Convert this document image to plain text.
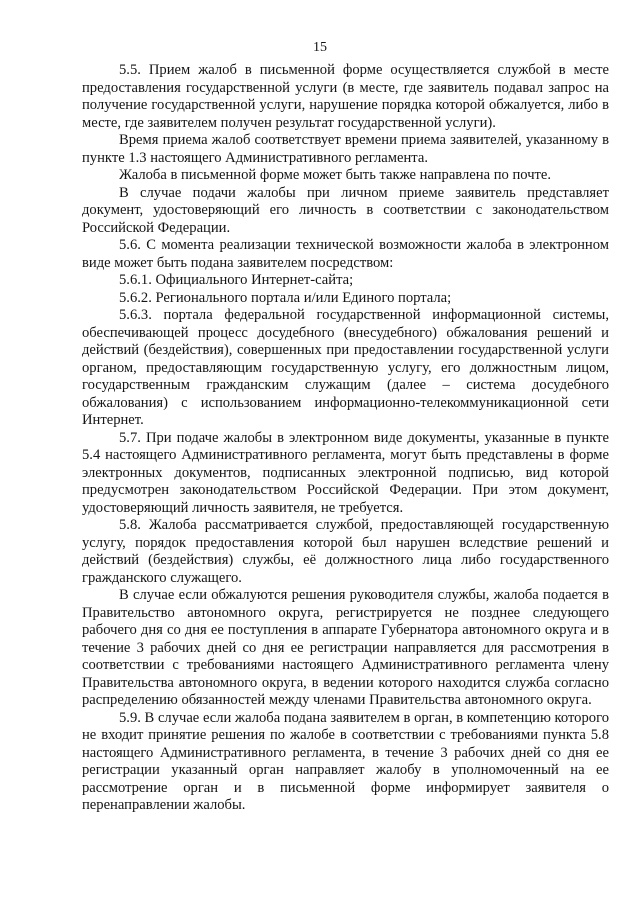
15

5.5. Прием жалоб в письменной форме осуществляется службой в месте предоставления государственной услуги (в месте, где заявитель подавал запрос на получение государственной услуги, нарушение порядка которой обжалуется, либо в месте, где заявителем получен результат государственной услуги).

Время приема жалоб соответствует времени приема заявителей, указанному в пункте 1.3 настоящего Административного регламента.

Жалоба в письменной форме может быть также направлена по почте.

В случае подачи жалобы при личном приеме заявитель представляет документ, удостоверяющий его личность в соответствии с законодательством Российской Федерации.

5.6. С момента реализации технической возможности жалоба в электронном виде может быть подана заявителем посредством:

5.6.1. Официального Интернет-сайта;

5.6.2. Регионального портала и/или Единого портала;

5.6.3. портала федеральной государственной информационной системы, обеспечивающей процесс досудебного (внесудебного) обжалования решений и действий (бездействия), совершенных при предоставлении государственной услуги органом, предоставляющим государственную услугу, его должностным лицом, государственным гражданским служащим (далее – система досудебного обжалования) с использованием информационно-телекоммуникационной сети Интернет.

5.7. При подаче жалобы в электронном виде документы, указанные в пункте 5.4 настоящего Административного регламента, могут быть представлены в форме электронных документов, подписанных электронной подписью, вид которой предусмотрен законодательством Российской Федерации. При этом документ, удостоверяющий личность заявителя, не требуется.

5.8. Жалоба рассматривается службой, предоставляющей государственную услугу, порядок предоставления которой был нарушен вследствие решений и действий (бездействия) службы, её должностного лица либо государственного гражданского служащего.

В случае если обжалуются решения руководителя службы, жалоба подается в Правительство автономного округа, регистрируется не позднее следующего рабочего дня со дня ее поступления в аппарате Губернатора автономного округа и в течение 3 рабочих дней со дня ее регистрации направляется для рассмотрения в соответствии с требованиями настоящего Административного регламента члену Правительства автономного округа, в ведении которого находится служба согласно распределению обязанностей между членами Правительства автономного округа.

5.9. В случае если жалоба подана заявителем в орган, в компетенцию которого не входит принятие решения по жалобе в соответствии с требованиями пункта 5.8 настоящего Административного регламента, в течение 3 рабочих дней со дня ее регистрации указанный орган направляет жалобу в уполномоченный на ее рассмотрение орган и в письменной форме информирует заявителя о перенаправлении жалобы.
